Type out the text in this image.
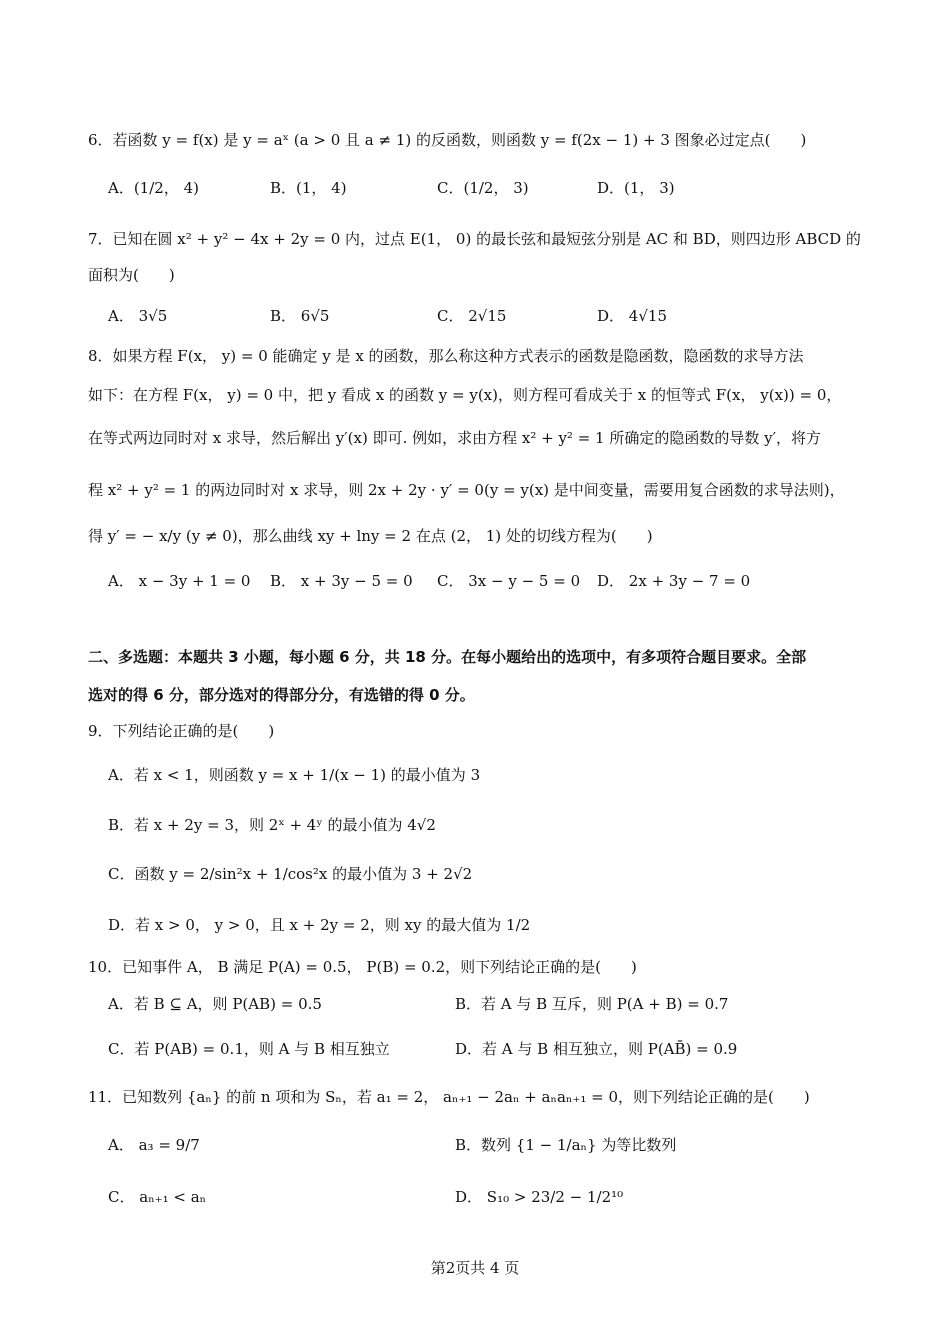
6．若函数 y = f(x) 是 y = aˣ (a > 0 且 a ≠ 1) 的反函数，则函数 y = f(2x − 1) + 3 图象必过定点(　　)
A．(1/2， 4)	B．(1， 4)	C．(1/2， 3)	D．(1， 3)
7．已知在圆 x² + y² − 4x + 2y = 0 内，过点 E(1， 0) 的最长弦和最短弦分别是 AC 和 BD，则四边形 ABCD 的
面积为(　　)
A． 3√5	B． 6√5	C． 2√15	D． 4√15
8．如果方程 F(x， y) = 0 能确定 y 是 x 的函数，那么称这种方式表示的函数是隐函数，隐函数的求导方法
如下：在方程 F(x， y) = 0 中，把 y 看成 x 的函数 y = y(x)，则方程可看成关于 x 的恒等式 F(x， y(x)) = 0，
在等式两边同时对 x 求导，然后解出 y′(x) 即可. 例如，求由方程 x² + y² = 1 所确定的隐函数的导数 y′，将方
程 x² + y² = 1 的两边同时对 x 求导，则 2x + 2y · y′ = 0(y = y(x) 是中间变量，需要用复合函数的求导法则)，
得 y′ = − x/y (y ≠ 0)，那么曲线 xy + lny = 2 在点 (2， 1) 处的切线方程为(　　)
A． x − 3y + 1 = 0 B． x + 3y − 5 = 0 C． 3x − y − 5 = 0 D． 2x + 3y − 7 = 0
二、多选题：本题共 3 小题，每小题 6 分，共 18 分。在每小题给出的选项中，有多项符合题目要求。全部
选对的得 6 分，部分选对的得部分分，有选错的得 0 分。
9．下列结论正确的是(　　)
A．若 x < 1，则函数 y = x + 1/(x − 1) 的最小值为 3
B．若 x + 2y = 3，则 2ˣ + 4ʸ 的最小值为 4√2
C．函数 y = 2/sin²x + 1/cos²x 的最小值为 3 + 2√2
D．若 x > 0， y > 0，且 x + 2y = 2，则 xy 的最大值为 1/2
10．已知事件 A， B 满足 P(A) = 0.5， P(B) = 0.2，则下列结论正确的是(　　)
A．若 B ⊆ A，则 P(AB) = 0.5	B．若 A 与 B 互斥，则 P(A + B) = 0.7
C．若 P(AB) = 0.1，则 A 与 B 相互独立	D．若 A 与 B 相互独立，则 P(AB̄) = 0.9
11．已知数列 {aₙ} 的前 n 项和为 Sₙ，若 a₁ = 2， aₙ₊₁ − 2aₙ + aₙaₙ₊₁ = 0，则下列结论正确的是(　　)
A． a₃ = 9/7	B．数列 {1 − 1/aₙ} 为等比数列
C． aₙ₊₁ < aₙ	D． S₁₀ > 23/2 − 1/2¹⁰
第2页共 4 页
